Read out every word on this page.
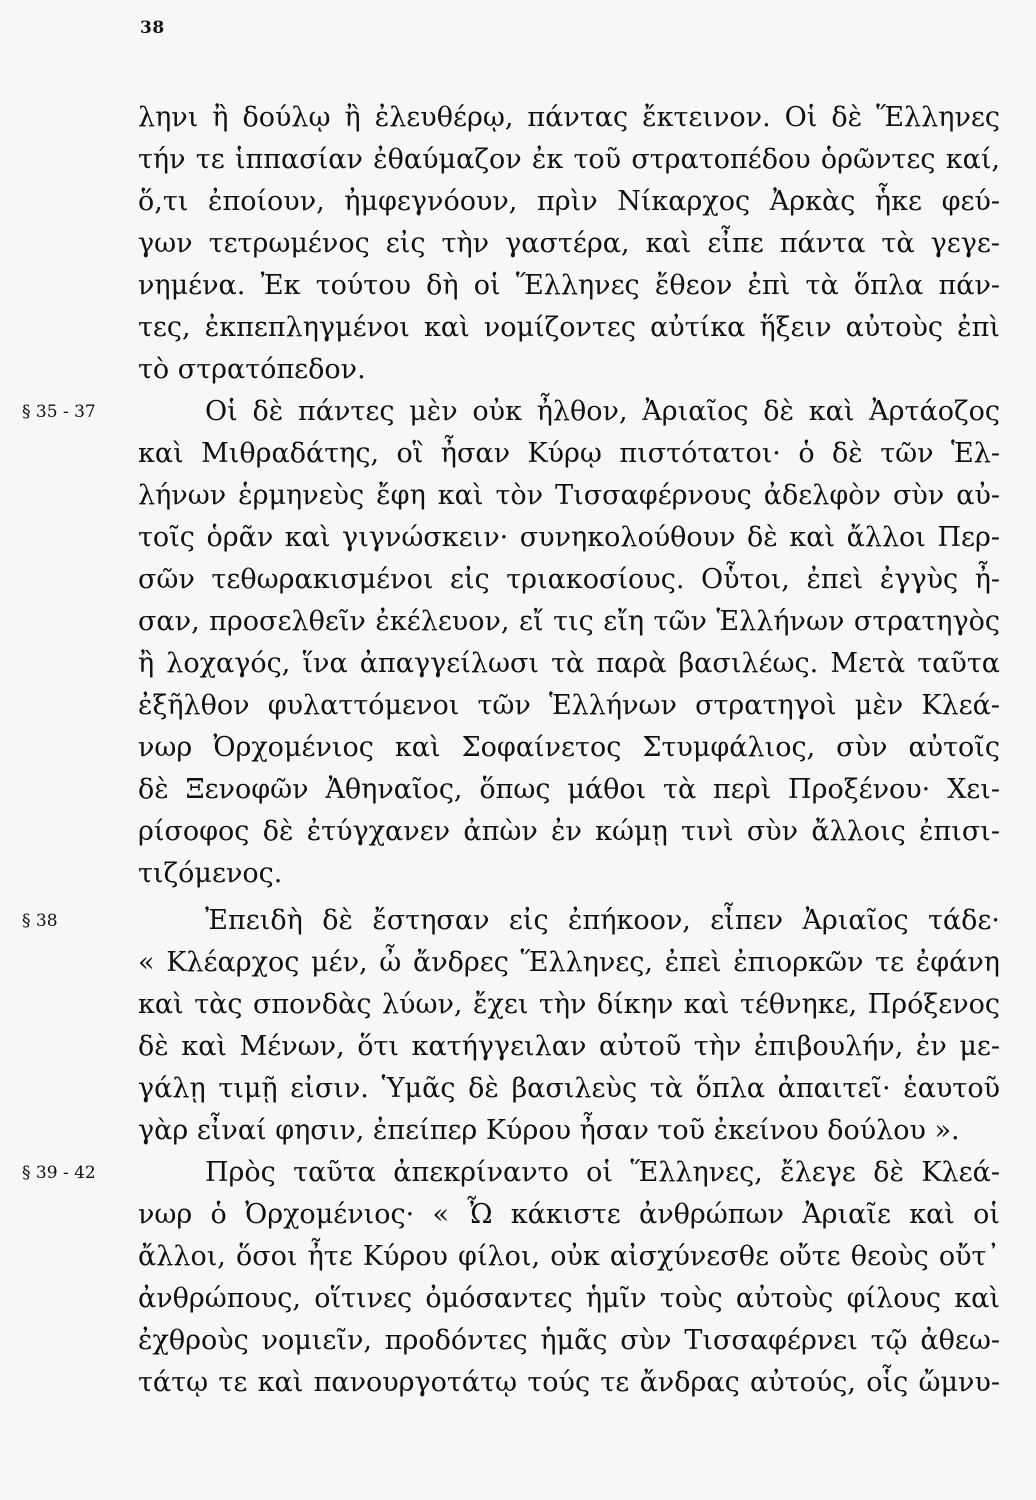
38
§ 35 - 37
§ 38
§ 39 - 42
ληνι ἢ δούλῳ ἢ ἐλευθέρῳ, πάντας ἔκτεινον. Οἱ δὲ Ἕλληνες
τήν τε ἱππασίαν ἐθαύμαζον ἐκ τοῦ στρατοπέδου ὁρῶντες καί,
ὅ,τι ἐποίουν, ἠμφεγνόουν, πρὶν Νίκαρχος Ἀρκὰς ἧκε φεύ-
γων τετρωμένος εἰς τὴν γαστέρα, καὶ εἶπε πάντα τὰ γεγε-
νημένα. Ἐκ τούτου δὴ οἱ Ἕλληνες ἔθεον ἐπὶ τὰ ὅπλα πάν-
τες, ἐκπεπληγμένοι καὶ νομίζοντες αὐτίκα ἥξειν αὐτοὺς ἐπὶ
τὸ στρατόπεδον.
Οἱ δὲ πάντες μὲν οὐκ ἦλθον, Ἀριαῖος δὲ καὶ Ἀρτάοζος
καὶ Μιθραδάτης, οἳ ἦσαν Κύρῳ πιστότατοι· ὁ δὲ τῶν Ἑλ-
λήνων ἑρμηνεὺς ἔφη καὶ τὸν Τισσαφέρνους ἀδελφὸν σὺν αὐ-
τοῖς ὁρᾶν καὶ γιγνώσκειν· συνηκολούθουν δὲ καὶ ἄλλοι Περ-
σῶν τεθωρακισμένοι εἰς τριακοσίους. Οὗτοι, ἐπεὶ ἐγγὺς ἦ-
σαν, προσελθεῖν ἐκέλευον, εἴ τις εἴη τῶν Ἑλλήνων στρατηγὸς
ἢ λοχαγός, ἵνα ἀπαγγείλωσι τὰ παρὰ βασιλέως. Μετὰ ταῦτα
ἐξῆλθον φυλαττόμενοι τῶν Ἑλλήνων στρατηγοὶ μὲν Κλεά-
νωρ Ὀρχομένιος καὶ Σοφαίνετος Στυμφάλιος, σὺν αὐτοῖς
δὲ Ξενοφῶν Ἀθηναῖος, ὅπως μάθοι τὰ περὶ Προξένου· Χει-
ρίσοφος δὲ ἐτύγχανεν ἀπὼν ἐν κώμῃ τινὶ σὺν ἄλλοις ἐπισι-
τιζόμενος.
Ἐπειδὴ δὲ ἔστησαν εἰς ἐπήκοον, εἶπεν Ἀριαῖος τάδε·
« Κλέαρχος μέν, ὦ ἄνδρες Ἕλληνες, ἐπεὶ ἐπιορκῶν τε ἐφάνη
καὶ τὰς σπονδὰς λύων, ἔχει τὴν δίκην καὶ τέθνηκε, Πρόξενος
δὲ καὶ Μένων, ὅτι κατήγγειλαν αὐτοῦ τὴν ἐπιβουλήν, ἐν με-
γάλῃ τιμῇ εἰσιν. Ὑμᾶς δὲ βασιλεὺς τὰ ὅπλα ἀπαιτεῖ· ἑαυτοῦ
γὰρ εἶναί φησιν, ἐπείπερ Κύρου ἦσαν τοῦ ἐκείνου δούλου ».
Πρὸς ταῦτα ἀπεκρίναντο οἱ Ἕλληνες, ἔλεγε δὲ Κλεά-
νωρ ὁ Ὀρχομένιος· « Ὦ κάκιστε ἀνθρώπων Ἀριαῖε καὶ οἱ
ἄλλοι, ὅσοι ἦτε Κύρου φίλοι, οὐκ αἰσχύνεσθε οὔτε θεοὺς οὔτ᾽
ἀνθρώπους, οἵτινες ὀμόσαντες ἡμῖν τοὺς αὐτοὺς φίλους καὶ
ἐχθροὺς νομιεῖν, προδόντες ἡμᾶς σὺν Τισσαφέρνει τῷ ἀθεω-
τάτῳ τε καὶ πανουργοτάτῳ τούς τε ἄνδρας αὐτούς, οἷς ὤμνυ-
